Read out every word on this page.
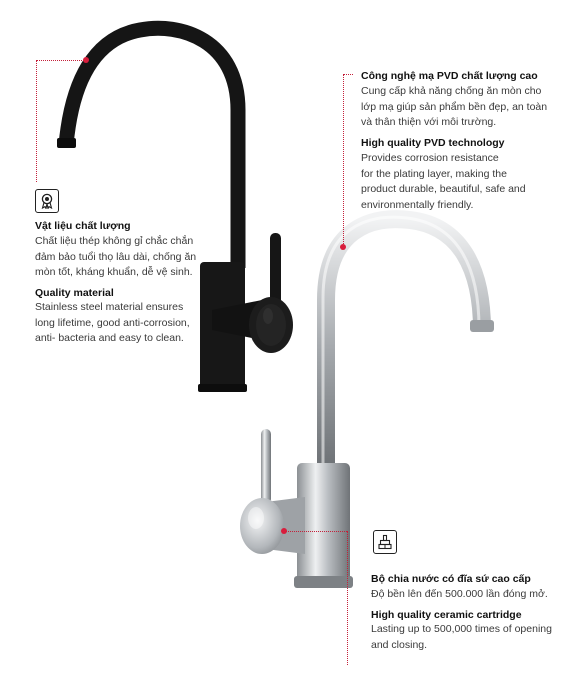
Vật liệu chất lượng

Chất liệu thép không gỉ chắc chắn

đảm bảo tuổi thọ lâu dài, chống ăn

mòn tốt, kháng khuẩn, dễ vệ sinh.

Quality material

Stainless steel material ensures

long lifetime, good anti-corrosion,

anti- bacteria and easy to clean.

Công nghệ mạ PVD chất lượng cao

Cung cấp khả năng chống ăn mòn cho

lớp mạ giúp sản phẩm bền đẹp, an toàn

và thân thiện với môi trường.

High quality PVD technology

Provides corrosion resistance

for the plating layer, making the

product durable, beautiful, safe and

environmentally friendly.

Bộ chia nước có đĩa sứ cao cấp

Độ bền lên đến 500.000 lần đóng mở.

High quality ceramic cartridge

Lasting up to 500,000 times of opening

and closing.
